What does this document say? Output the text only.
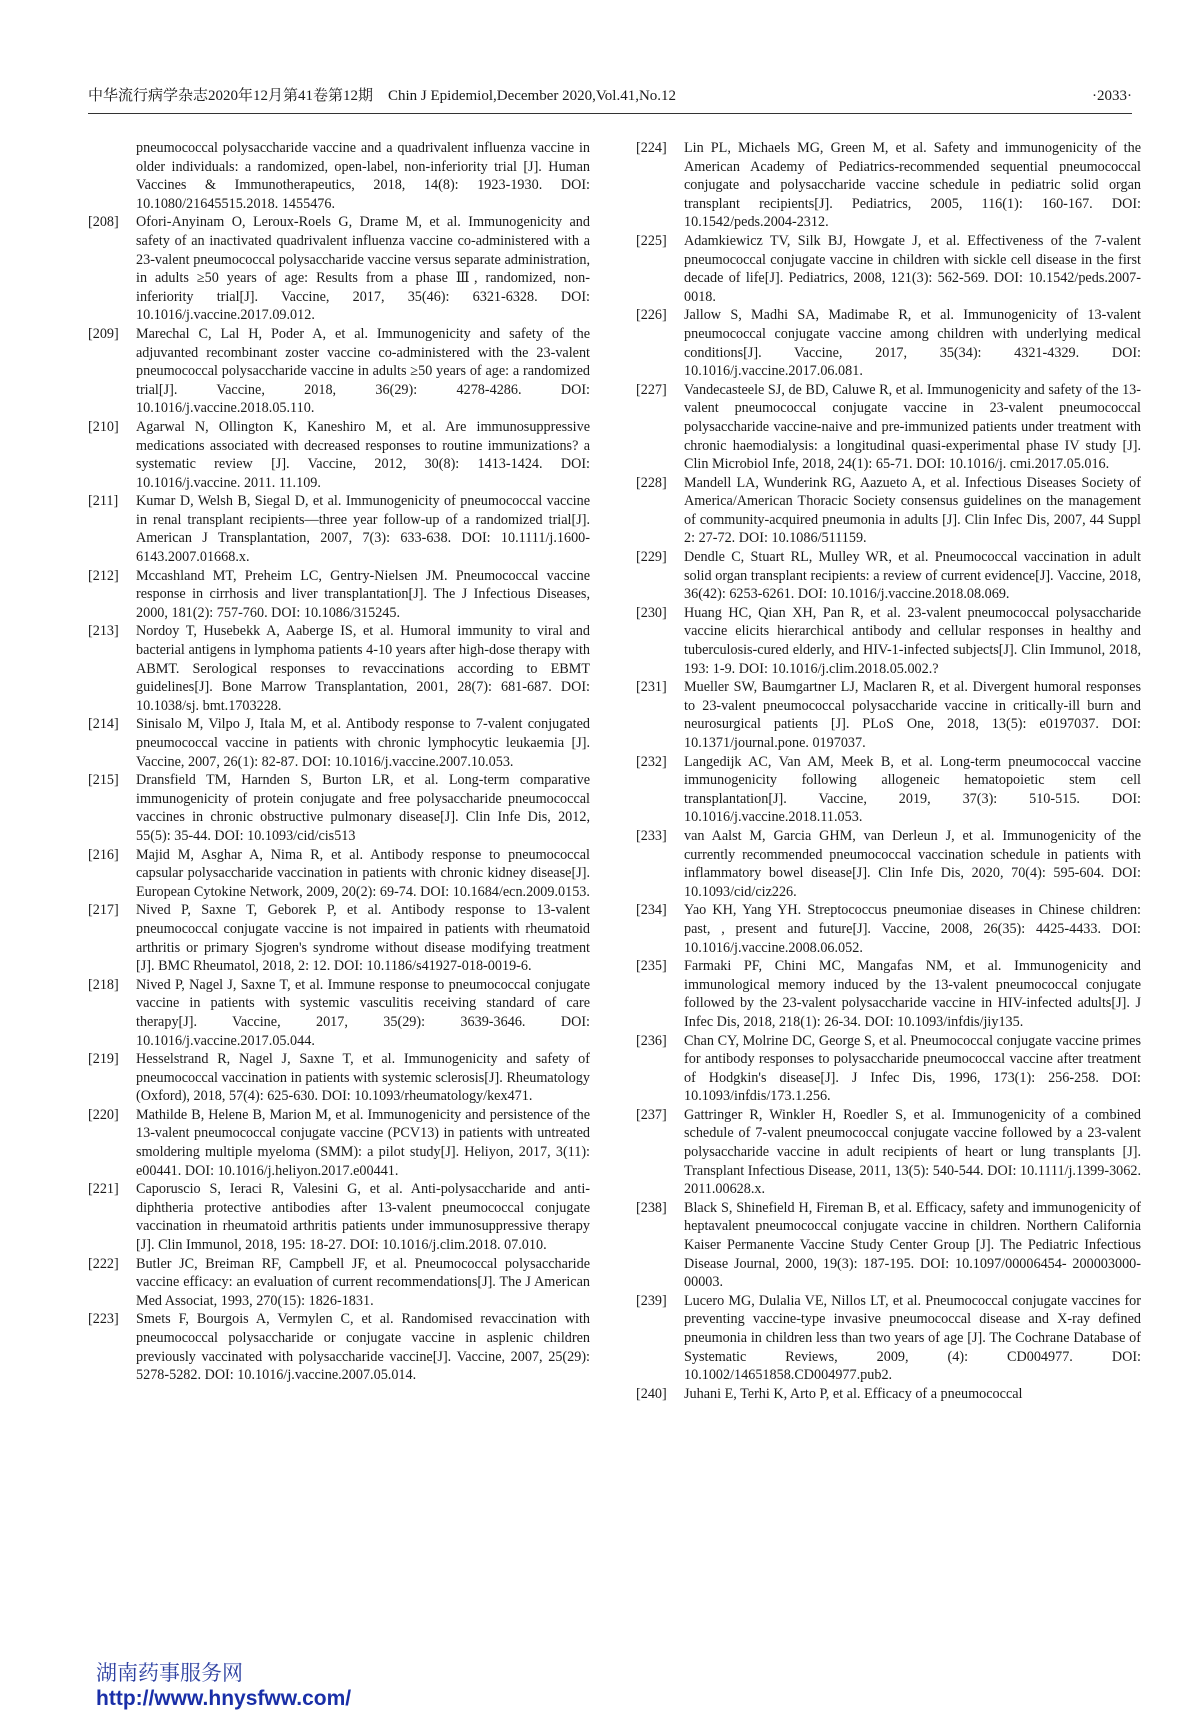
中华流行病学杂志2020年12月第41卷第12期　Chin J Epidemiol,December 2020,Vol.41,No.12	·2033·

pneumococcal polysaccharide vaccine and a quadrivalent influenza vaccine in older individuals: a randomized, open-label, non-inferiority trial [J]. Human Vaccines & Immunotherapeutics, 2018, 14(8): 1923-1930. DOI: 10.1080/21645515.2018. 1455476.

[208]	Ofori-Anyinam O, Leroux-Roels G, Drame M, et al. Immunogenicity and safety of an inactivated quadrivalent influenza vaccine co-administered with a 23-valent pneumococcal polysaccharide vaccine versus separate administration, in adults ≥50 years of age: Results from a phase Ⅲ, randomized, non-inferiority trial[J]. Vaccine, 2017, 35(46): 6321-6328. DOI: 10.1016/j.vaccine.2017.09.012.

[209]	Marechal C, Lal H, Poder A, et al. Immunogenicity and safety of the adjuvanted recombinant zoster vaccine co-administered with the 23-valent pneumococcal polysaccharide vaccine in adults ≥50 years of age: a randomized trial[J]. Vaccine, 2018, 36(29): 4278-4286. DOI: 10.1016/j.vaccine.2018.05.110.

[210]	Agarwal N, Ollington K, Kaneshiro M, et al. Are immunosuppressive medications associated with decreased responses to routine immunizations? a systematic review [J]. Vaccine, 2012, 30(8): 1413-1424. DOI: 10.1016/j.vaccine. 2011. 11.109.

[211]	Kumar D, Welsh B, Siegal D, et al. Immunogenicity of pneumococcal vaccine in renal transplant recipients—three year follow-up of a randomized trial[J]. American J Transplantation, 2007, 7(3): 633-638. DOI: 10.1111/j.1600-6143.2007.01668.x.

[212]	Mccashland MT, Preheim LC, Gentry-Nielsen JM. Pneumococcal vaccine response in cirrhosis and liver transplantation[J]. The J Infectious Diseases, 2000, 181(2): 757-760. DOI: 10.1086/315245.

[213]	Nordoy T, Husebekk A, Aaberge IS, et al. Humoral immunity to viral and bacterial antigens in lymphoma patients 4-10 years after high-dose therapy with ABMT. Serological responses to revaccinations according to EBMT guidelines[J]. Bone Marrow Transplantation, 2001, 28(7): 681-687. DOI: 10.1038/sj. bmt.1703228.

[214]	Sinisalo M, Vilpo J, Itala M, et al. Antibody response to 7-valent conjugated pneumococcal vaccine in patients with chronic lymphocytic leukaemia [J]. Vaccine, 2007, 26(1): 82-87. DOI: 10.1016/j.vaccine.2007.10.053.

[215]	Dransfield TM, Harnden S, Burton LR, et al. Long-term comparative immunogenicity of protein conjugate and free polysaccharide pneumococcal vaccines in chronic obstructive pulmonary disease[J]. Clin Infe Dis, 2012, 55(5): 35-44. DOI: 10.1093/cid/cis513

[216]	Majid M, Asghar A, Nima R, et al. Antibody response to pneumococcal capsular polysaccharide vaccination in patients with chronic kidney disease[J]. European Cytokine Network, 2009, 20(2): 69-74. DOI: 10.1684/ecn.2009.0153.

[217]	Nived P, Saxne T, Geborek P, et al. Antibody response to 13-valent pneumococcal conjugate vaccine is not impaired in patients with rheumatoid arthritis or primary Sjogren's syndrome without disease modifying treatment [J]. BMC Rheumatol, 2018, 2: 12. DOI: 10.1186/s41927-018-0019-6.

[218]	Nived P, Nagel J, Saxne T, et al. Immune response to pneumococcal conjugate vaccine in patients with systemic vasculitis receiving standard of care therapy[J]. Vaccine, 2017, 35(29): 3639-3646. DOI: 10.1016/j.vaccine.2017.05.044.

[219]	Hesselstrand R, Nagel J, Saxne T, et al. Immunogenicity and safety of pneumococcal vaccination in patients with systemic sclerosis[J]. Rheumatology (Oxford), 2018, 57(4): 625-630. DOI: 10.1093/rheumatology/kex471.

[220]	Mathilde B, Helene B, Marion M, et al. Immunogenicity and persistence of the 13-valent pneumococcal conjugate vaccine (PCV13) in patients with untreated smoldering multiple myeloma (SMM): a pilot study[J]. Heliyon, 2017, 3(11): e00441. DOI: 10.1016/j.heliyon.2017.e00441.

[221]	Caporuscio S, Ieraci R, Valesini G, et al. Anti-polysaccharide and anti-diphtheria protective antibodies after 13-valent pneumococcal conjugate vaccination in rheumatoid arthritis patients under immunosuppressive therapy [J]. Clin Immunol, 2018, 195: 18-27. DOI: 10.1016/j.clim.2018. 07.010.

[222]	Butler JC, Breiman RF, Campbell JF, et al. Pneumococcal polysaccharide vaccine efficacy: an evaluation of current recommendations[J]. The J American Med Associat, 1993, 270(15): 1826-1831.

[223]	Smets F, Bourgois A, Vermylen C, et al. Randomised revaccination with pneumococcal polysaccharide or conjugate vaccine in asplenic children previously vaccinated with polysaccharide vaccine[J]. Vaccine, 2007, 25(29): 5278-5282. DOI: 10.1016/j.vaccine.2007.05.014.

[224]	Lin PL, Michaels MG, Green M, et al. Safety and immunogenicity of the American Academy of Pediatrics-recommended sequential pneumococcal conjugate and polysaccharide vaccine schedule in pediatric solid organ transplant recipients[J]. Pediatrics, 2005, 116(1): 160-167. DOI: 10.1542/peds.2004-2312.

[225]	Adamkiewicz TV, Silk BJ, Howgate J, et al. Effectiveness of the 7-valent pneumococcal conjugate vaccine in children with sickle cell disease in the first decade of life[J]. Pediatrics, 2008, 121(3): 562-569. DOI: 10.1542/peds.2007-0018.

[226]	Jallow S, Madhi SA, Madimabe R, et al. Immunogenicity of 13-valent pneumococcal conjugate vaccine among children with underlying medical conditions[J]. Vaccine, 2017, 35(34): 4321-4329. DOI: 10.1016/j.vaccine.2017.06.081.

[227]	Vandecasteele SJ, de BD, Caluwe R, et al. Immunogenicity and safety of the 13-valent pneumococcal conjugate vaccine in 23-valent pneumococcal polysaccharide vaccine-naive and pre-immunized patients under treatment with chronic haemodialysis: a longitudinal quasi-experimental phase IV study [J]. Clin Microbiol Infe, 2018, 24(1): 65-71. DOI: 10.1016/j. cmi.2017.05.016.

[228]	Mandell LA, Wunderink RG, Aazueto A, et al. Infectious Diseases Society of America/American Thoracic Society consensus guidelines on the management of community-acquired pneumonia in adults [J]. Clin Infec Dis, 2007, 44 Suppl 2: 27-72. DOI: 10.1086/511159.

[229]	Dendle C, Stuart RL, Mulley WR, et al. Pneumococcal vaccination in adult solid organ transplant recipients: a review of current evidence[J]. Vaccine, 2018, 36(42): 6253-6261. DOI: 10.1016/j.vaccine.2018.08.069.

[230]	Huang HC, Qian XH, Pan R, et al. 23-valent pneumococcal polysaccharide vaccine elicits hierarchical antibody and cellular responses in healthy and tuberculosis-cured elderly, and HIV-1-infected subjects[J]. Clin Immunol, 2018, 193: 1-9. DOI: 10.1016/j.clim.2018.05.002.?

[231]	Mueller SW, Baumgartner LJ, Maclaren R, et al. Divergent humoral responses to 23-valent pneumococcal polysaccharide vaccine in critically-ill burn and neurosurgical patients [J]. PLoS One, 2018, 13(5): e0197037. DOI: 10.1371/journal.pone. 0197037.

[232]	Langedijk AC, Van AM, Meek B, et al. Long-term pneumococcal vaccine immunogenicity following allogeneic hematopoietic stem cell transplantation[J]. Vaccine, 2019, 37(3): 510-515. DOI: 10.1016/j.vaccine.2018.11.053.

[233]	van Aalst M, Garcia GHM, van Derleun J, et al. Immunogenicity of the currently recommended pneumococcal vaccination schedule in patients with inflammatory bowel disease[J]. Clin Infe Dis, 2020, 70(4): 595-604. DOI: 10.1093/cid/ciz226.

[234]	Yao KH, Yang YH. Streptococcus pneumoniae diseases in Chinese children: past, , present and future[J]. Vaccine, 2008, 26(35): 4425-4433. DOI: 10.1016/j.vaccine.2008.06.052.

[235]	Farmaki PF, Chini MC, Mangafas NM, et al. Immunogenicity and immunological memory induced by the 13-valent pneumococcal conjugate followed by the 23-valent polysaccharide vaccine in HIV-infected adults[J]. J Infec Dis, 2018, 218(1): 26-34. DOI: 10.1093/infdis/jiy135.

[236]	Chan CY, Molrine DC, George S, et al. Pneumococcal conjugate vaccine primes for antibody responses to polysaccharide pneumococcal vaccine after treatment of Hodgkin's disease[J]. J Infec Dis, 1996, 173(1): 256-258. DOI: 10.1093/infdis/173.1.256.

[237]	Gattringer R, Winkler H, Roedler S, et al. Immunogenicity of a combined schedule of 7-valent pneumococcal conjugate vaccine followed by a 23-valent polysaccharide vaccine in adult recipients of heart or lung transplants [J]. Transplant Infectious Disease, 2011, 13(5): 540-544. DOI: 10.1111/j.1399-3062. 2011.00628.x.

[238]	Black S, Shinefield H, Fireman B, et al. Efficacy, safety and immunogenicity of heptavalent pneumococcal conjugate vaccine in children. Northern California Kaiser Permanente Vaccine Study Center Group [J]. The Pediatric Infectious Disease Journal, 2000, 19(3): 187-195. DOI: 10.1097/00006454- 200003000-00003.

[239]	Lucero MG, Dulalia VE, Nillos LT, et al. Pneumococcal conjugate vaccines for preventing vaccine-type invasive pneumococcal disease and X-ray defined pneumonia in children less than two years of age [J]. The Cochrane Database of Systematic Reviews, 2009, (4): CD004977. DOI: 10.1002/14651858.CD004977.pub2.

[240]	Juhani E, Terhi K, Arto P, et al. Efficacy of a pneumococcal

湖南药事服务网
http://www.hnysfww.com/
